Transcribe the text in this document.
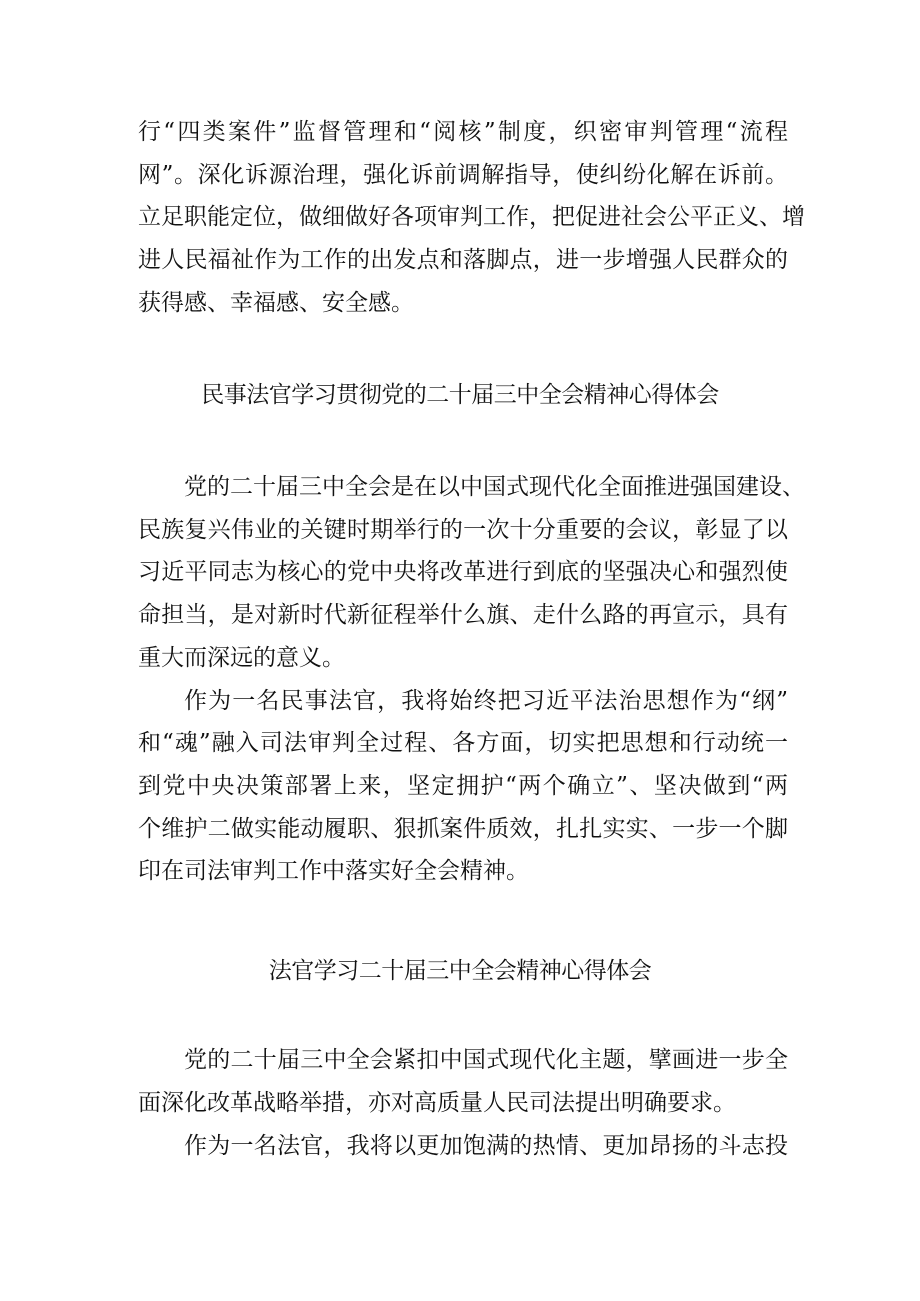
行“四类案件”监督管理和“阅核”制度，织密审判管理“流程
网”。深化诉源治理，强化诉前调解指导，使纠纷化解在诉前。
立足职能定位，做细做好各项审判工作，把促进社会公平正义、增
进人民福祉作为工作的出发点和落脚点，进一步增强人民群众的
获得感、幸福感、安全感。
民事法官学习贯彻党的二十届三中全会精神心得体会
党的二十届三中全会是在以中国式现代化全面推进强国建设、
民族复兴伟业的关键时期举行的一次十分重要的会议，彰显了以
习近平同志为核心的党中央将改革进行到底的坚强决心和强烈使
命担当，是对新时代新征程举什么旗、走什么路的再宣示，具有
重大而深远的意义。
作为一名民事法官，我将始终把习近平法治思想作为“纲”
和“魂”融入司法审判全过程、各方面，切实把思想和行动统一
到党中央决策部署上来，坚定拥护“两个确立”、坚决做到“两
个维护二做实能动履职、狠抓案件质效，扎扎实实、一步一个脚
印在司法审判工作中落实好全会精神。
法官学习二十届三中全会精神心得体会
党的二十届三中全会紧扣中国式现代化主题，擘画进一步全
面深化改革战略举措，亦对高质量人民司法提出明确要求。
作为一名法官，我将以更加饱满的热情、更加昂扬的斗志投
